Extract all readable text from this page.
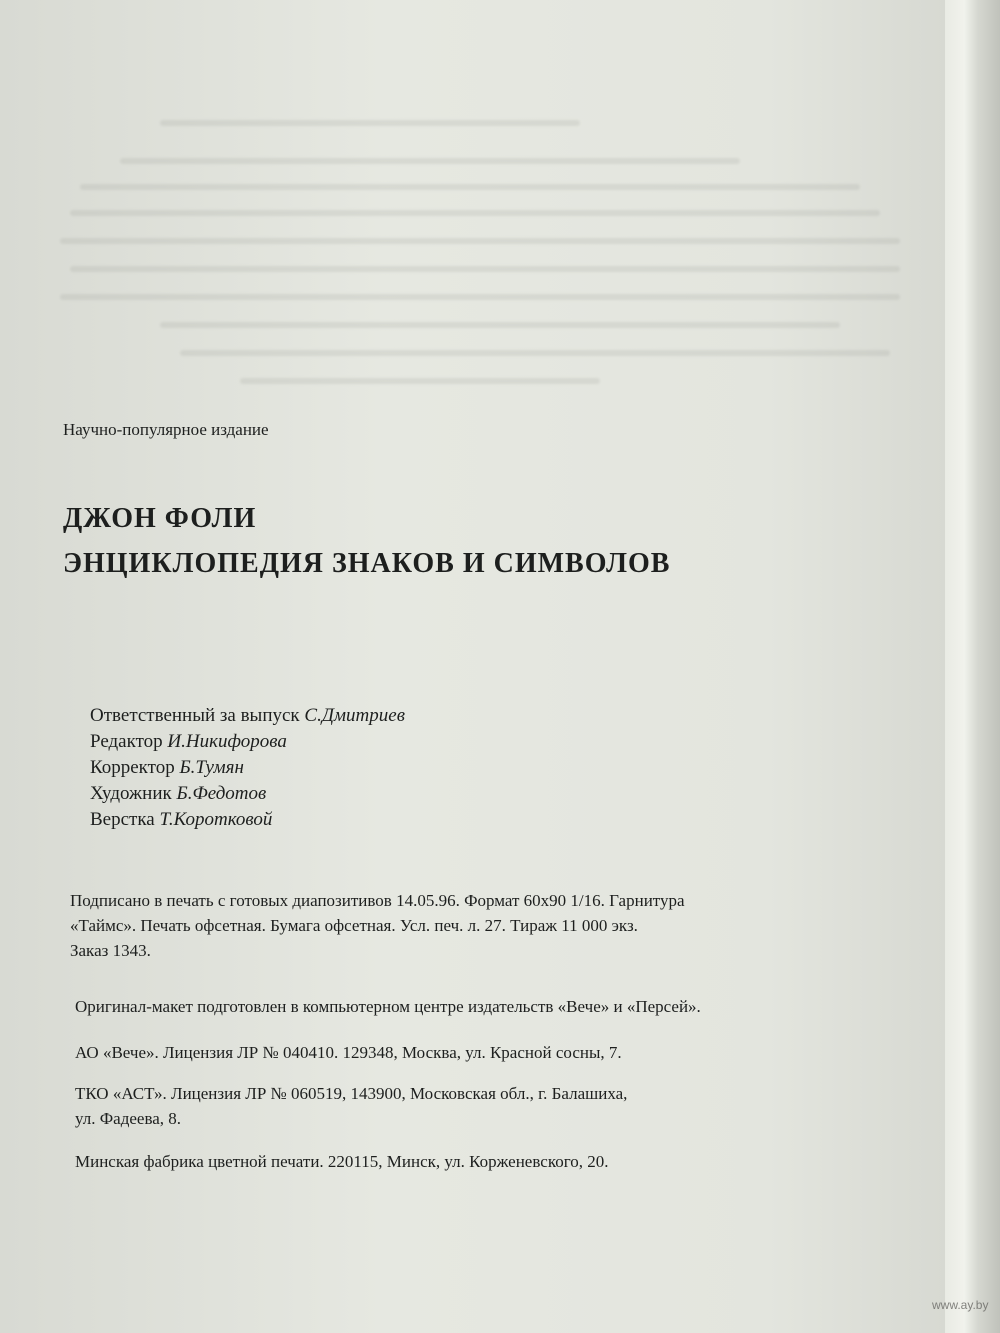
Научно-популярное издание

ДЖОН ФОЛИ

ЭНЦИКЛОПЕДИЯ ЗНАКОВ И СИМВОЛОВ

Ответственный за выпуск С.Дмитриев
Редактор И.Никифорова
Корректор Б.Тумян
Художник Б.Федотов
Верстка Т.Коротковой
Подписано в печать с готовых диапозитивов 14.05.96. Формат 60x90 1/16. Гарнитура
«Таймс». Печать офсетная. Бумага офсетная. Усл. печ. л. 27. Тираж 11 000 экз.
Заказ 1343.

Оригинал-макет подготовлен в компьютерном центре издательств «Вече» и «Персей».

АО «Вече». Лицензия ЛР № 040410. 129348, Москва, ул. Красной сосны, 7.

ТКО «АСТ». Лицензия ЛР № 060519, 143900, Московская обл., г. Балашиха,
ул. Фадеева, 8.

Минская фабрика цветной печати. 220115, Минск, ул. Корженевского, 20.

www.ay.by
